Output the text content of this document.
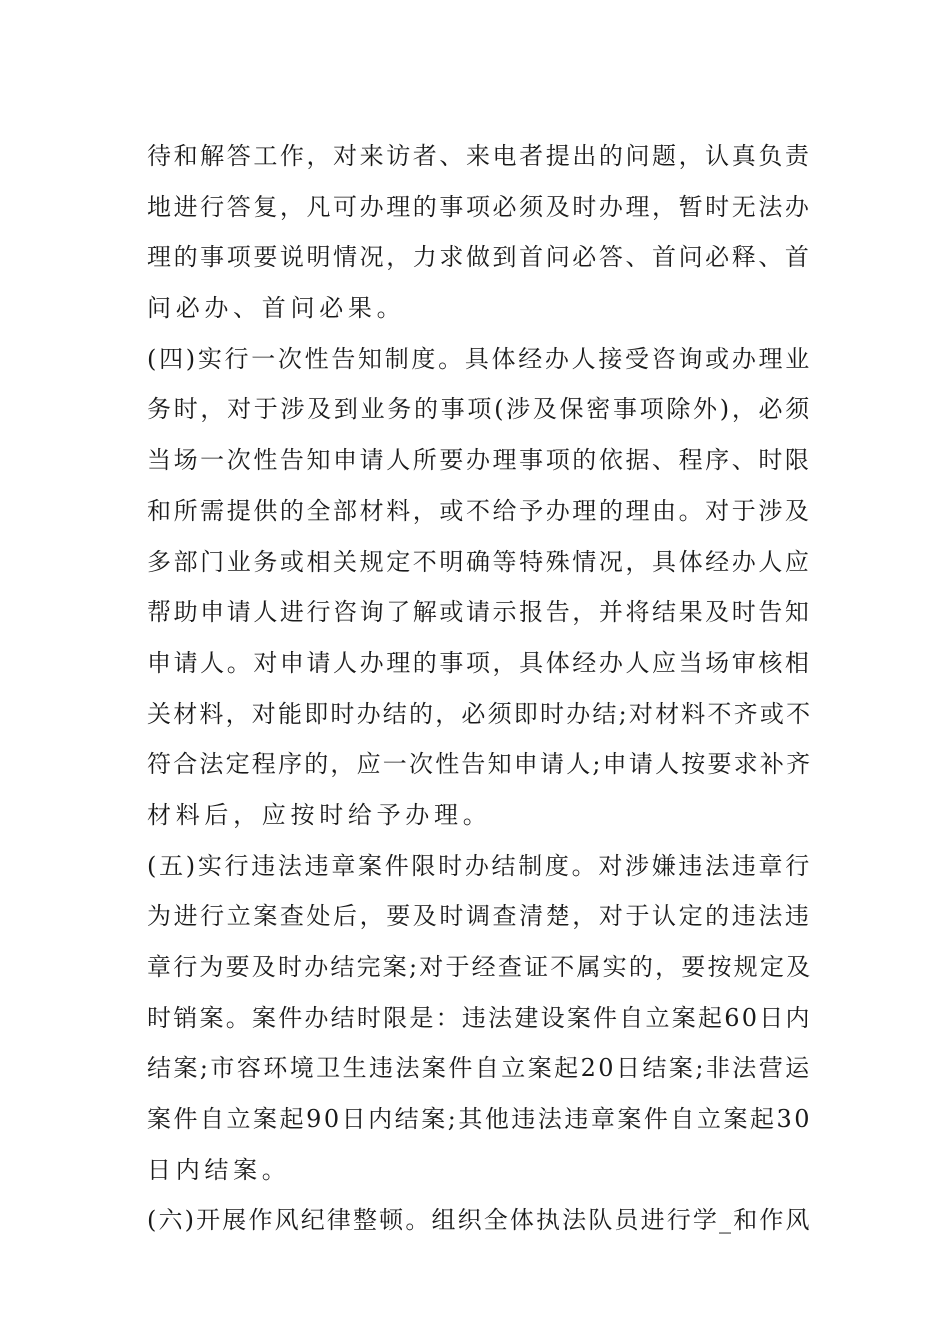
待和解答工作，对来访者、来电者提出的问题，认真负责
地进行答复，凡可办理的事项必须及时办理，暂时无法办
理的事项要说明情况，力求做到首问必答、首问必释、首
问必办、首问必果。
(四)实行一次性告知制度。具体经办人接受咨询或办理业
务时，对于涉及到业务的事项(涉及保密事项除外)，必须
当场一次性告知申请人所要办理事项的依据、程序、时限
和所需提供的全部材料，或不给予办理的理由。对于涉及
多部门业务或相关规定不明确等特殊情况，具体经办人应
帮助申请人进行咨询了解或请示报告，并将结果及时告知
申请人。对申请人办理的事项，具体经办人应当场审核相
关材料，对能即时办结的，必须即时办结;对材料不齐或不
符合法定程序的，应一次性告知申请人;申请人按要求补齐
材料后，应按时给予办理。
(五)实行违法违章案件限时办结制度。对涉嫌违法违章行
为进行立案查处后，要及时调查清楚，对于认定的违法违
章行为要及时办结完案;对于经查证不属实的，要按规定及
时销案。案件办结时限是：违法建设案件自立案起60日内
结案;市容环境卫生违法案件自立案起20日结案;非法营运
案件自立案起90日内结案;其他违法违章案件自立案起30
日内结案。
(六)开展作风纪律整顿。组织全体执法队员进行学_和作风
